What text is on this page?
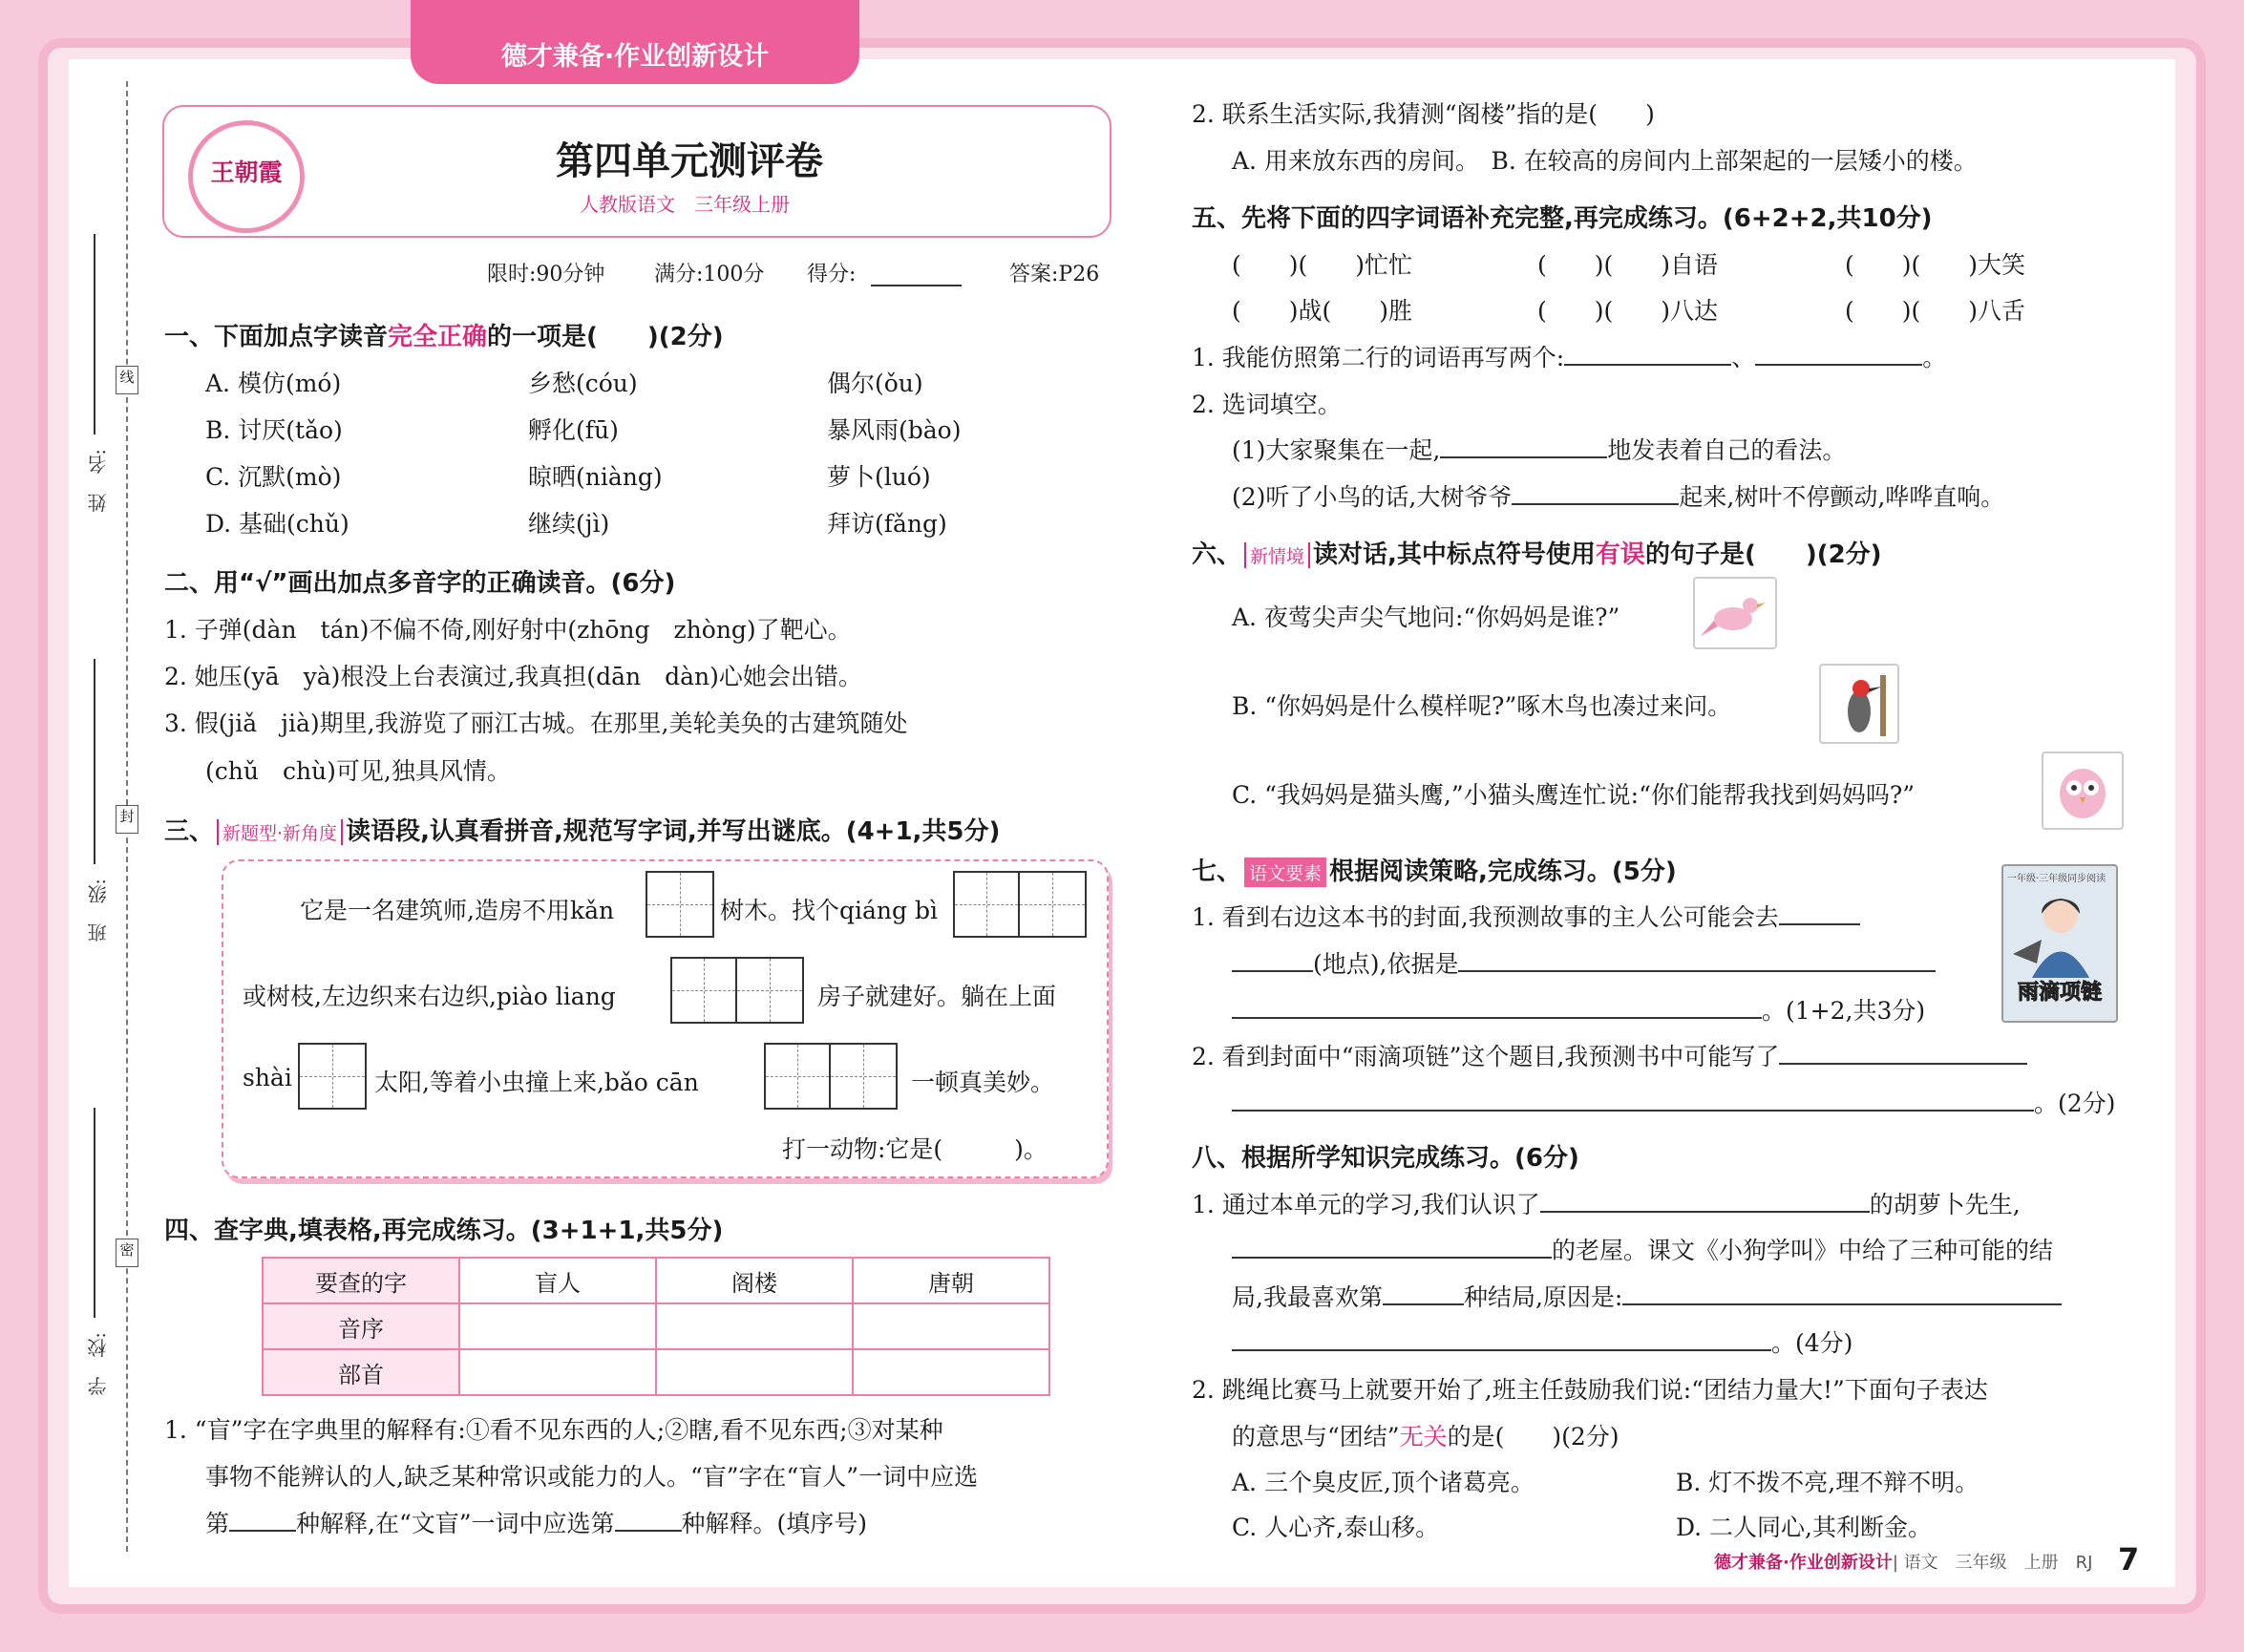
德才兼备·作业创新设计
线
封
密
姓　名:
班　级:
学　校:
王朝霞	第四单元测评卷
人教版语文　三年级上册
限时:90分钟 满分:100分 得分:	答案:P26
一、下面加点字读音完全正确的一项是(　　)(2分)
A. 模仿(mó)	乡愁(cóu)	偶尔(ǒu)
B. 讨厌(tǎo)	孵化(fū)	暴风雨(bào)
C. 沉默(mò)	晾晒(niàng)	萝卜(luó)
D. 基础(chǔ)	继续(jì)	拜访(fǎng)
二、用“√”画出加点多音字的正确读音。(6分)
1. 子弹(dàn　tán)不偏不倚,刚好射中(zhōng　zhòng)了靶心。
2. 她压(yā　yà)根没上台表演过,我真担(dān　dàn)心她会出错。
3. 假(jiǎ　jià)期里,我游览了丽江古城。在那里,美轮美奂的古建筑随处
(chǔ　chù)可见,独具风情。
三、 新题型·新角度 读语段,认真看拼音,规范写字词,并写出谜底。(4+1,共5分)
它是一名建筑师,造房不用kǎn	树木。找个qiáng bì
或树枝,左边织来右边织,piào liang	房子就建好。躺在上面
shài	太阳,等着小虫撞上来,bǎo cān	一顿真美妙。
打一动物:它是(　　　)。
四、查字典,填表格,再完成练习。(3+1+1,共5分)
要查的字	盲人	阁楼	唐朝
音序			
部首			
1. “盲”字在字典里的解释有:①看不见东西的人;②瞎,看不见东西;③对某种
事物不能辨认的人,缺乏某种常识或能力的人。“盲”字在“盲人”一词中应选
第	种解释,在“文盲”一词中应选第	种解释。(填序号)
2. 联系生活实际,我猜测“阁楼”指的是(　　)
A. 用来放东西的房间。　B. 在较高的房间内上部架起的一层矮小的楼。
五、先将下面的四字词语补充完整,再完成练习。(6+2+2,共10分)
(　　)(　　)忙忙	(　　)(　　)自语	(　　)(　　)大笑
(　　)战(　　)胜	(　　)(　　)八达	(　　)(　　)八舌
1. 我能仿照第二行的词语再写两个:	、	。
2. 选词填空。
(1)大家聚集在一起,	地发表着自己的看法。
(2)听了小鸟的话,大树爷爷	起来,树叶不停颤动,哗哗直响。
六、 新情境 读对话,其中标点符号使用有误的句子是(　　)(2分)
A. 夜莺尖声尖气地问:“你妈妈是谁?”
B. “你妈妈是什么模样呢?”啄木鸟也凑过来问。
C. “我妈妈是猫头鹰,”小猫头鹰连忙说:“你们能帮我找到妈妈吗?”
七、 语文要素 根据阅读策略,完成练习。(5分)
1. 看到右边这本书的封面,我预测故事的主人公可能会去
(地点),依据是
。(1+2,共3分)
一年级·三年级同步阅读
雨滴项链
2. 看到封面中“雨滴项链”这个题目,我预测书中可能写了
。(2分)
八、根据所学知识完成练习。(6分)
1. 通过本单元的学习,我们认识了	的胡萝卜先生,
的老屋。课文《小狗学叫》中给了三种可能的结
局,我最喜欢第	种结局,原因是:
。(4分)
2. 跳绳比赛马上就要开始了,班主任鼓励我们说:“团结力量大!”下面句子表达
的意思与“团结”无关的是(　　)(2分)
A. 三个臭皮匠,顶个诸葛亮。	B. 灯不拨不亮,理不辩不明。
C. 人心齐,泰山移。	D. 二人同心,其利断金。
德才兼备·作业创新设计| 语文　三年级　上册　RJ 7
